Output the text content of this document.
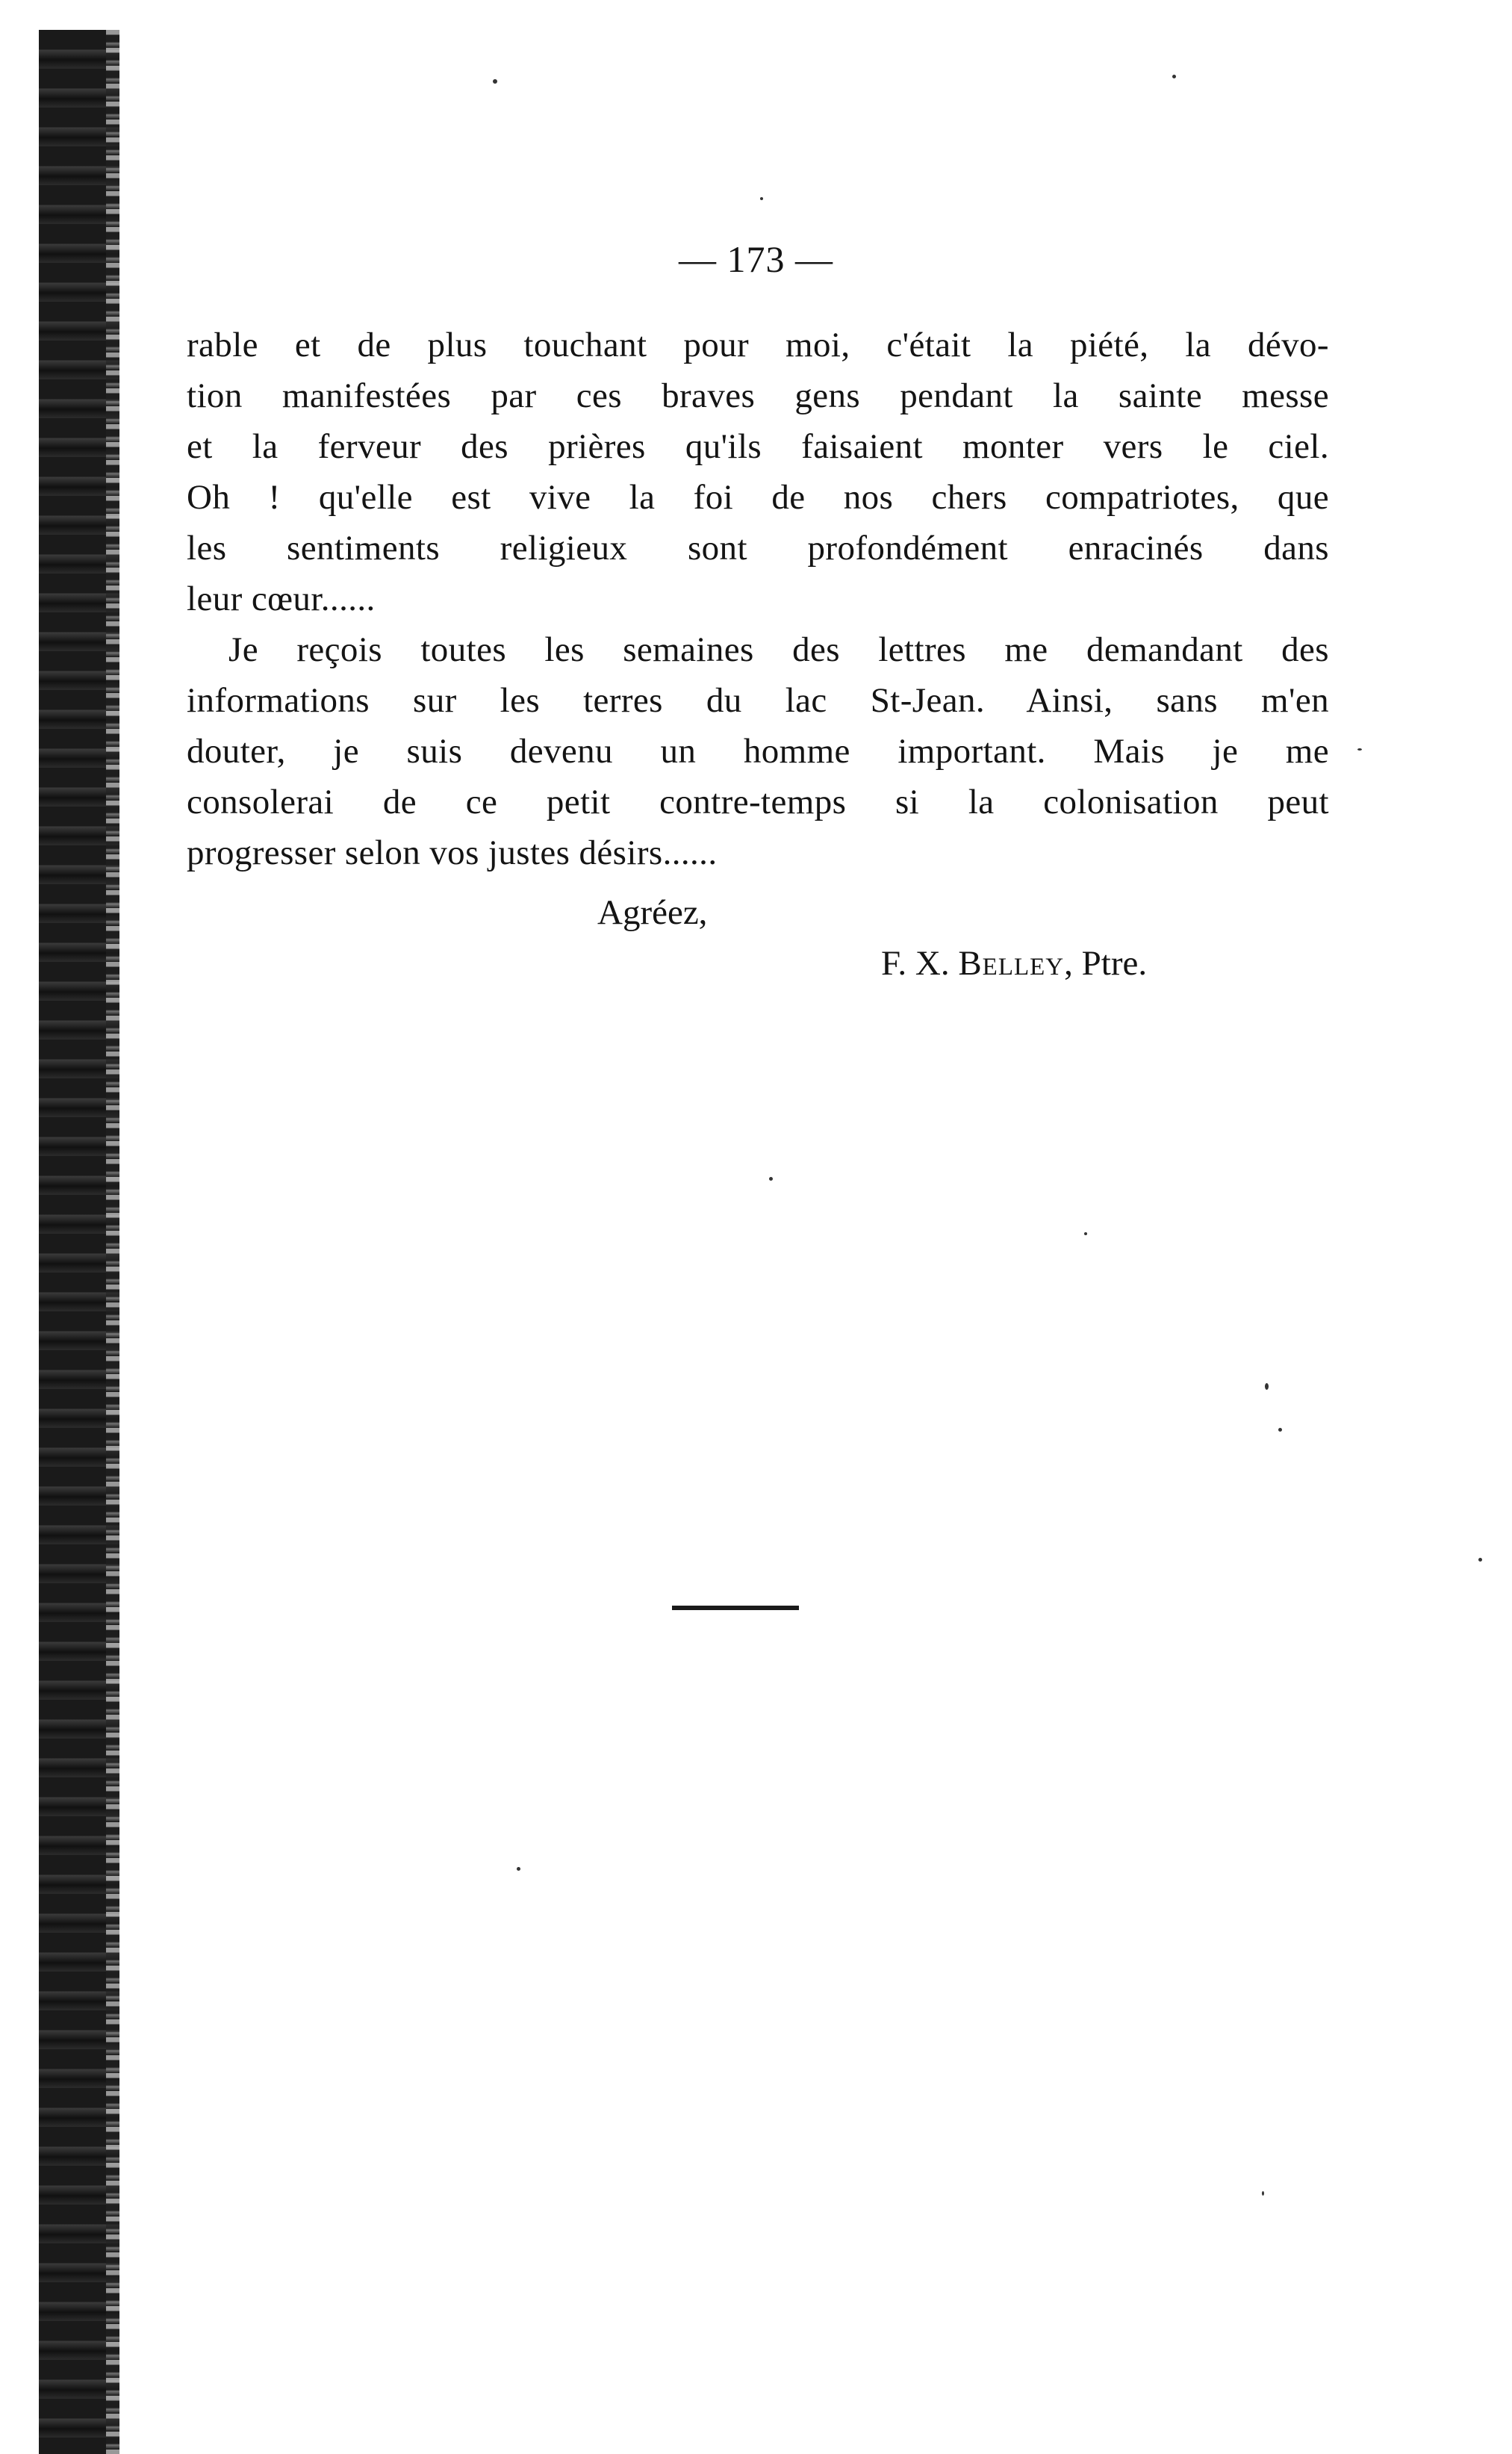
— 173 —
rable et de plus touchant pour moi, c'était la piété, la dévo-
tion manifestées par ces braves gens pendant la sainte messe
et la ferveur des prières qu'ils faisaient monter vers le ciel.
Oh ! qu'elle est vive la foi de nos chers compatriotes, que
les sentiments religieux sont profondément enracinés dans
leur cœur......
Je reçois toutes les semaines des lettres me demandant des
informations sur les terres du lac St-Jean. Ainsi, sans m'en
douter, je suis devenu un homme important. Mais je me
consolerai de ce petit contre-temps si la colonisation peut
progresser selon vos justes désirs......
Agréez,
F. X. Belley, Ptre.
